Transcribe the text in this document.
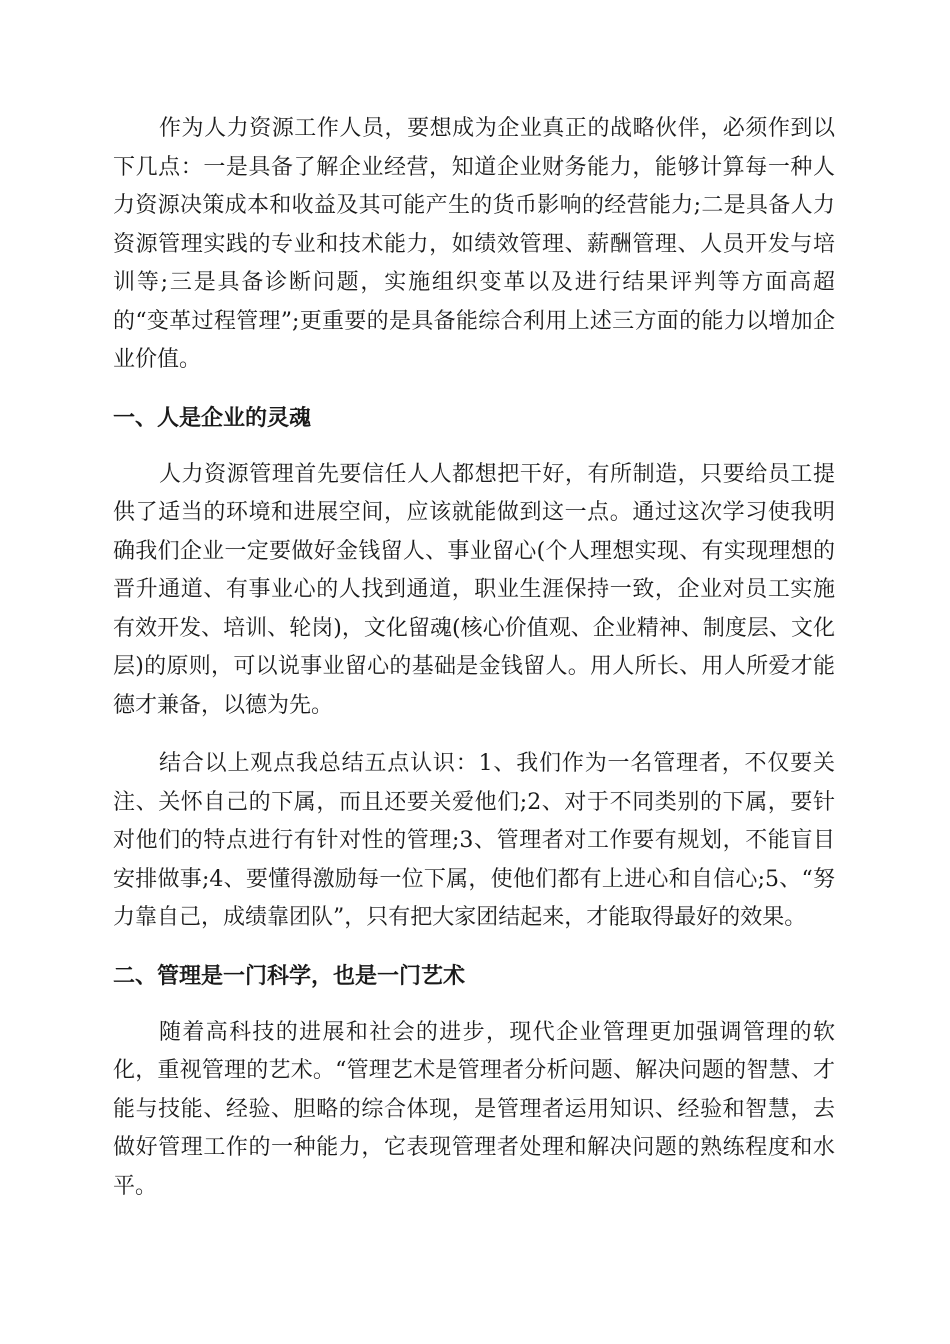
作为人力资源工作人员，要想成为企业真正的战略伙伴，必须作到以下几点：一是具备了解企业经营，知道企业财务能力，能够计算每一种人力资源决策成本和收益及其可能产生的货币影响的经营能力;二是具备人力资源管理实践的专业和技术能力，如绩效管理、薪酬管理、人员开发与培训等;三是具备诊断问题，实施组织变革以及进行结果评判等方面高超的“变革过程管理”;更重要的是具备能综合利用上述三方面的能力以增加企业价值。

一、人是企业的灵魂

人力资源管理首先要信任人人都想把干好，有所制造，只要给员工提供了适当的环境和进展空间，应该就能做到这一点。通过这次学习使我明确我们企业一定要做好金钱留人、事业留心(个人理想实现、有实现理想的晋升通道、有事业心的人找到通道，职业生涯保持一致，企业对员工实施有效开发、培训、轮岗)，文化留魂(核心价值观、企业精神、制度层、文化层)的原则，可以说事业留心的基础是金钱留人。用人所长、用人所爱才能德才兼备，以德为先。

结合以上观点我总结五点认识：1、我们作为一名管理者，不仅要关注、关怀自己的下属，而且还要关爱他们;2、对于不同类别的下属，要针对他们的特点进行有针对性的管理;3、管理者对工作要有规划，不能盲目安排做事;4、要懂得激励每一位下属，使他们都有上进心和自信心;5、“努力靠自己，成绩靠团队”，只有把大家团结起来，才能取得最好的效果。

二、管理是一门科学，也是一门艺术

随着高科技的进展和社会的进步，现代企业管理更加强调管理的软化，重视管理的艺术。“管理艺术是管理者分析问题、解决问题的智慧、才能与技能、经验、胆略的综合体现，是管理者运用知识、经验和智慧，去做好管理工作的一种能力，它表现管理者处理和解决问题的熟练程度和水平。
